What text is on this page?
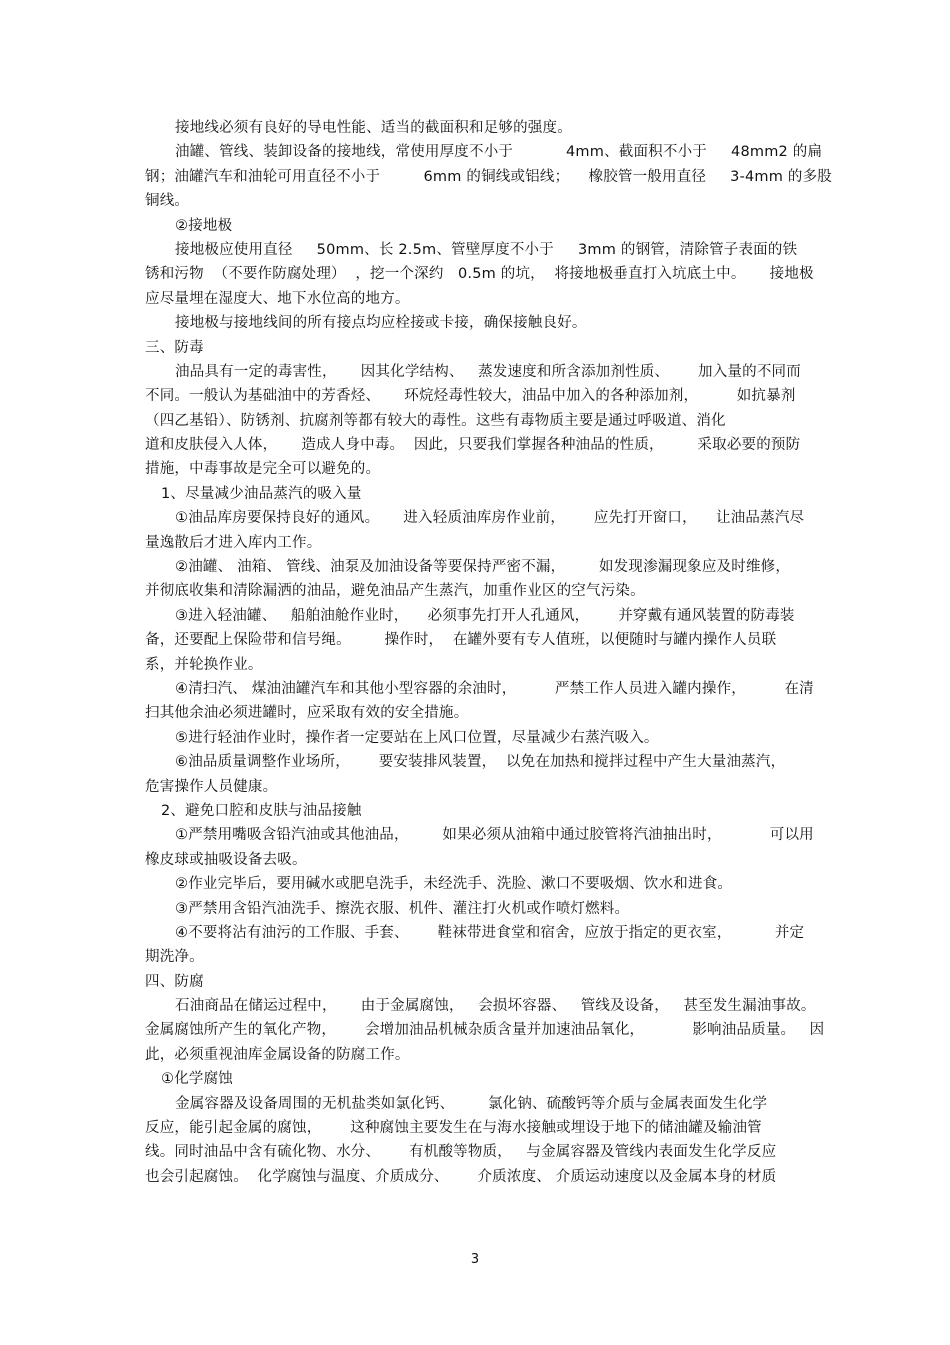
接地线必须有良好的导电性能、适当的截面积和足够的强度。
油罐、管线、装卸设备的接地线，常使用厚度不小于           4mm、截面积不小于     48mm2 的扁
钢；油罐汽车和油轮可用直径不小于         6mm 的铜线或铝线；    橡胶管一般用直径     3-4mm 的多股
铜线。
②接地极
接地极应使用直径     50mm、长 2.5m、管壁厚度不小于     3mm 的钢管，清除管子表面的铁
锈和污物  （不要作防腐处理）  ，挖一个深约   0.5m 的坑，  将接地极垂直打入坑底土中。     接地极
应尽量埋在湿度大、地下水位高的地方。
接地极与接地线间的所有接点均应栓接或卡接，确保接触良好。
三、防毒
油品具有一定的毒害性，     因其化学结构、   蒸发速度和所含添加剂性质、      加入量的不同而
不同。一般认为基础油中的芳香烃、     环烷烃毒性较大，油品中加入的各种添加剂，        如抗暴剂
（四乙基铅）、防锈剂、抗腐剂等都有较大的毒性。这些有毒物质主要是通过呼吸道、消化
道和皮肤侵入人体，     造成人身中毒。  因此，只要我们掌握各种油品的性质，       采取必要的预防
措施，中毒事故是完全可以避免的。
1、尽量减少油品蒸汽的吸入量
①油品库房要保持良好的通风。     进入轻质油库房作业前，      应先打开窗口，    让油品蒸汽尽
量逸散后才进入库内工作。
②油罐、 油箱、 管线、油泵及加油设备等要保持严密不漏，       如发现渗漏现象应及时维修，
并彻底收集和清除漏洒的油品，避免油品产生蒸汽，加重作业区的空气污染。
③进入轻油罐、   船舶油舱作业时，    必须事先打开人孔通风，      并穿戴有通风装置的防毒装
备，还要配上保险带和信号绳。       操作时，  在罐外要有专人值班，以便随时与罐内操作人员联
系，并轮换作业。
④清扫汽、 煤油油罐汽车和其他小型容器的余油时，        严禁工作人员进入罐内操作，        在清
扫其他余油必须进罐时，应采取有效的安全措施。
⑤进行轻油作业时，操作者一定要站在上风口位置，尽量减少右蒸汽吸入。
⑥油品质量调整作业场所，      要安装排风装置，  以免在加热和搅拌过程中产生大量油蒸汽，
危害操作人员健康。
2、避免口腔和皮肤与油品接触
①严禁用嘴吸含铅汽油或其他油品，       如果必须从油箱中通过胶管将汽油抽出时，          可以用
橡皮球或抽吸设备去吸。
②作业完毕后，要用碱水或肥皂洗手，未经洗手、洗脸、漱口不要吸烟、饮水和进食。
③严禁用含铅汽油洗手、擦洗衣服、机件、灌注打火机或作喷灯燃料。
④不要将沾有油污的工作服、手套、      鞋袜带进食堂和宿舍，应放于指定的更衣室，         并定
期洗净。
四、防腐
石油商品在储运过程中，     由于金属腐蚀，   会损坏容器、   管线及设备，   甚至发生漏油事故。
金属腐蚀所产生的氧化产物，      会增加油品机械杂质含量并加速油品氧化，          影响油品质量。   因
此，必须重视油库金属设备的防腐工作。
①化学腐蚀
金属容器及设备周围的无机盐类如氯化钙、       氯化钠、硫酸钙等介质与金属表面发生化学
反应，能引起金属的腐蚀，      这种腐蚀主要发生在与海水接触或埋设于地下的储油罐及输油管
线。同时油品中含有硫化物、水分、      有机酸等物质，   与金属容器及管线内表面发生化学反应
也会引起腐蚀。  化学腐蚀与温度、介质成分、      介质浓度、 介质运动速度以及金属本身的材质
3
